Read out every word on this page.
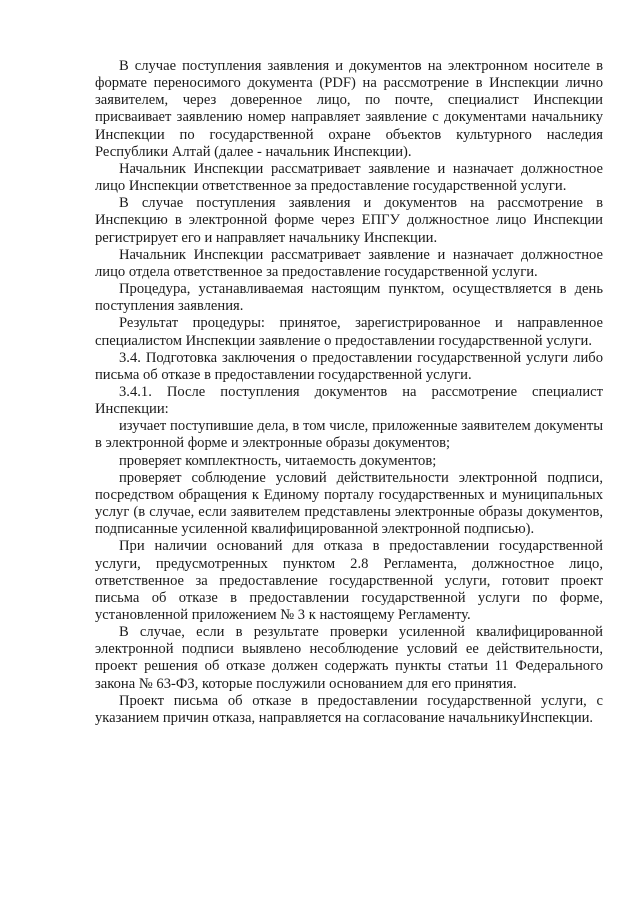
В случае поступления заявления и документов на электронном носителе в формате переносимого документа (PDF) на рассмотрение в Инспекции лично заявителем, через доверенное лицо, по почте, специалист Инспекции присваивает заявлению номер направляет заявление с документами начальнику Инспекции по государственной охране объектов культурного наследия Республики Алтай (далее - начальник Инспекции).

Начальник Инспекции рассматривает заявление и назначает должностное лицо Инспекции ответственное за предоставление государственной услуги.

В случае поступления заявления и документов на рассмотрение в Инспекцию в электронной форме через ЕПГУ должностное лицо Инспекции регистрирует его и направляет начальнику Инспекции.

Начальник Инспекции рассматривает заявление и назначает должностное лицо отдела ответственное за предоставление государственной услуги.

Процедура, устанавливаемая настоящим пунктом, осуществляется в день поступления заявления.

Результат процедуры: принятое, зарегистрированное и направленное специалистом Инспекции заявление о предоставлении государственной услуги.

3.4. Подготовка заключения о предоставлении государственной услуги либо письма об отказе в предоставлении государственной услуги.

3.4.1. После поступления документов на рассмотрение специалист Инспекции:

изучает поступившие дела, в том числе, приложенные заявителем документы в электронной форме и электронные образы документов;

проверяет комплектность, читаемость документов;

проверяет соблюдение условий действительности электронной подписи, посредством обращения к Единому порталу государственных и муниципальных услуг (в случае, если заявителем представлены электронные образы документов, подписанные усиленной квалифицированной электронной подписью).

При наличии оснований для отказа в предоставлении государственной услуги, предусмотренных пунктом 2.8 Регламента, должностное лицо, ответственное за предоставление государственной услуги, готовит проект письма об отказе в предоставлении государственной услуги по форме, установленной приложением № 3 к настоящему Регламенту.

В случае, если в результате проверки усиленной квалифицированной электронной подписи выявлено несоблюдение условий ее действительности, проект решения об отказе должен содержать пункты статьи 11 Федерального закона № 63-ФЗ, которые послужили основанием для его принятия.

Проект письма об отказе в предоставлении государственной услуги, с указанием причин отказа, направляется на согласование начальникуИнспекции.
